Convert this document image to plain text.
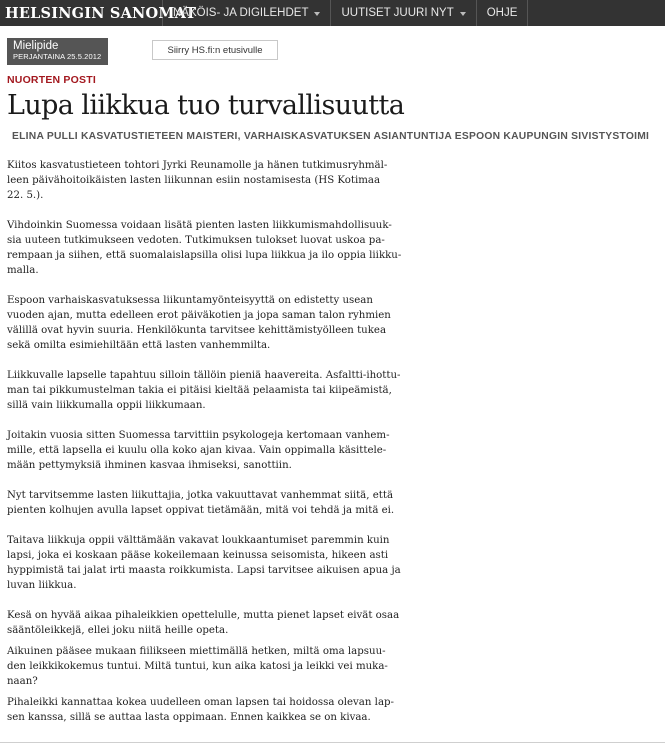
HELSINGIN SANOMAT
NÄKÖIS- JA DIGILEHDET	UUTISET JUURI NYT	OHJE
Mielipide
PERJANTAINA 25.5.2012
Siirry HS.fi:n etusivulle
NUORTEN POSTI
Lupa liikkua tuo turvallisuutta
ELINA PULLI KASVATUSTIETEEN MAISTERI, VARHAISKASVATUKSEN ASIANTUNTIJA ESPOON KAUPUNGIN SIVISTYSTOIMI

Kiitos kasvatustieteen tohtori Jyrki Reunamolle ja hänen tutkimusryhmäl-
leen päivähoitoikäisten lasten liikunnan esiin nostamisesta (HS Kotimaa
22. 5.).

Vihdoinkin Suomessa voidaan lisätä pienten lasten liikkumismahdollisuuk-
sia uuteen tutkimukseen vedoten. Tutkimuksen tulokset luovat uskoa pa-
rempaan ja siihen, että suomalaislapsilla olisi lupa liikkua ja ilo oppia liikku-
malla.

Espoon varhaiskasvatuksessa liikuntamyönteisyyttä on edistetty usean
vuoden ajan, mutta edelleen erot päiväkotien ja jopa saman talon ryhmien
välillä ovat hyvin suuria. Henkilökunta tarvitsee kehittämistyölleen tukea
sekä omilta esimiehiltään että lasten vanhemmilta.

Liikkuvalle lapselle tapahtuu silloin tällöin pieniä haavereita. Asfaltti-ihottu-
man tai pikkumustelman takia ei pitäisi kieltää pelaamista tai kiipeämistä,
sillä vain liikkumalla oppii liikkumaan.

Joitakin vuosia sitten Suomessa tarvittiin psykologeja kertomaan vanhem-
mille, että lapsella ei kuulu olla koko ajan kivaa. Vain oppimalla käsittele-
mään pettymyksiä ihminen kasvaa ihmiseksi, sanottiin.

Nyt tarvitsemme lasten liikuttajia, jotka vakuuttavat vanhemmat siitä, että
pienten kolhujen avulla lapset oppivat tietämään, mitä voi tehdä ja mitä ei.

Taitava liikkuja oppii välttämään vakavat loukkaantumiset paremmin kuin
lapsi, joka ei koskaan pääse kokeilemaan keinussa seisomista, hikeen asti
hyppimistä tai jalat irti maasta roikkumista. Lapsi tarvitsee aikuisen apua ja
luvan liikkua.

Kesä on hyvää aikaa pihaleikkien opettelulle, mutta pienet lapset eivät osaa
sääntöleikkejä, ellei joku niitä heille opeta.

Aikuinen pääsee mukaan fiilikseen miettimällä hetken, miltä oma lapsuu-
den leikkikokemus tuntui. Miltä tuntui, kun aika katosi ja leikki vei muka-
naan?

Pihaleikki kannattaa kokea uudelleen oman lapsen tai hoidossa olevan lap-
sen kanssa, sillä se auttaa lasta oppimaan. Ennen kaikkea se on kivaa.
